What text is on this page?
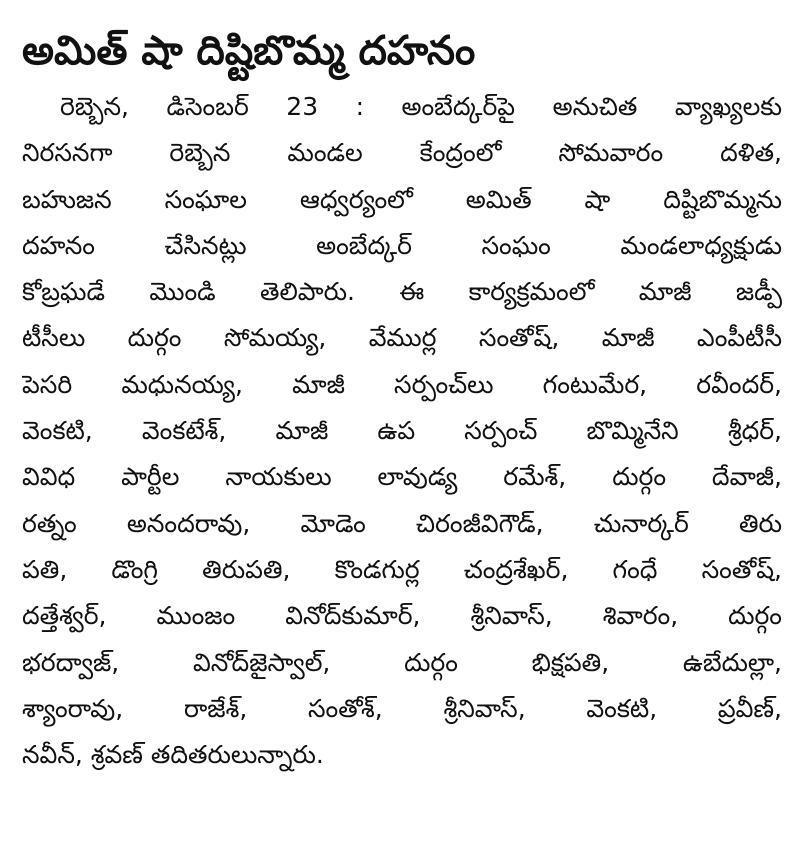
అమిత్ షా దిష్టిబొమ్మ దహనం
రెబ్బెన, డిసెంబర్ 23 : అంబేద్కర్‌పై అనుచిత వ్యాఖ్యలకు
నిరసనగా రెబ్బెన మండల కేంద్రంలో సోమవారం దళిత,
బహుజన సంఘాల ఆధ్వర్యంలో అమిత్ షా దిష్టిబొమ్మను
దహనం చేసినట్లు అంబేద్కర్ సంఘం మండలాధ్యక్షుడు
కోబ్రఘడే మొండి తెలిపారు. ఈ కార్యక్రమంలో మాజీ జడ్పీ
టీసీలు దుర్గం సోమయ్య, వేముర్ల సంతోష్, మాజీ ఎంపీటీసీ
పెసరి మధునయ్య, మాజీ సర్పంచ్‌లు గంటుమేర, రవీందర్,
వెంకటి, వెంకటేశ్, మాజీ ఉప సర్పంచ్ బొమ్మినేని శ్రీధర్,
వివిధ పార్టీల నాయకులు లావుడ్య రమేశ్, దుర్గం దేవాజీ,
రత్నం అనందరావు, మోడెం చిరంజీవిగౌడ్, చునార్కర్ తిరు
పతి, డొంగ్రి తిరుపతి, కొండగుర్ల చంద్రశేఖర్, గంధే సంతోష్,
దత్తేశ్వర్, ముంజం వినోద్‌కుమార్, శ్రీనివాస్, శివారం, దుర్గం
భరద్వాజ్, వినోద్‌జైస్వాల్, దుర్గం భిక్షపతి, ఉబేదుల్లా,
శ్యాంరావు, రాజేశ్, సంతోశ్, శ్రీనివాస్, వెంకటి, ప్రవీణ్,
నవీన్, శ్రవణ్ తదితరులున్నారు.
